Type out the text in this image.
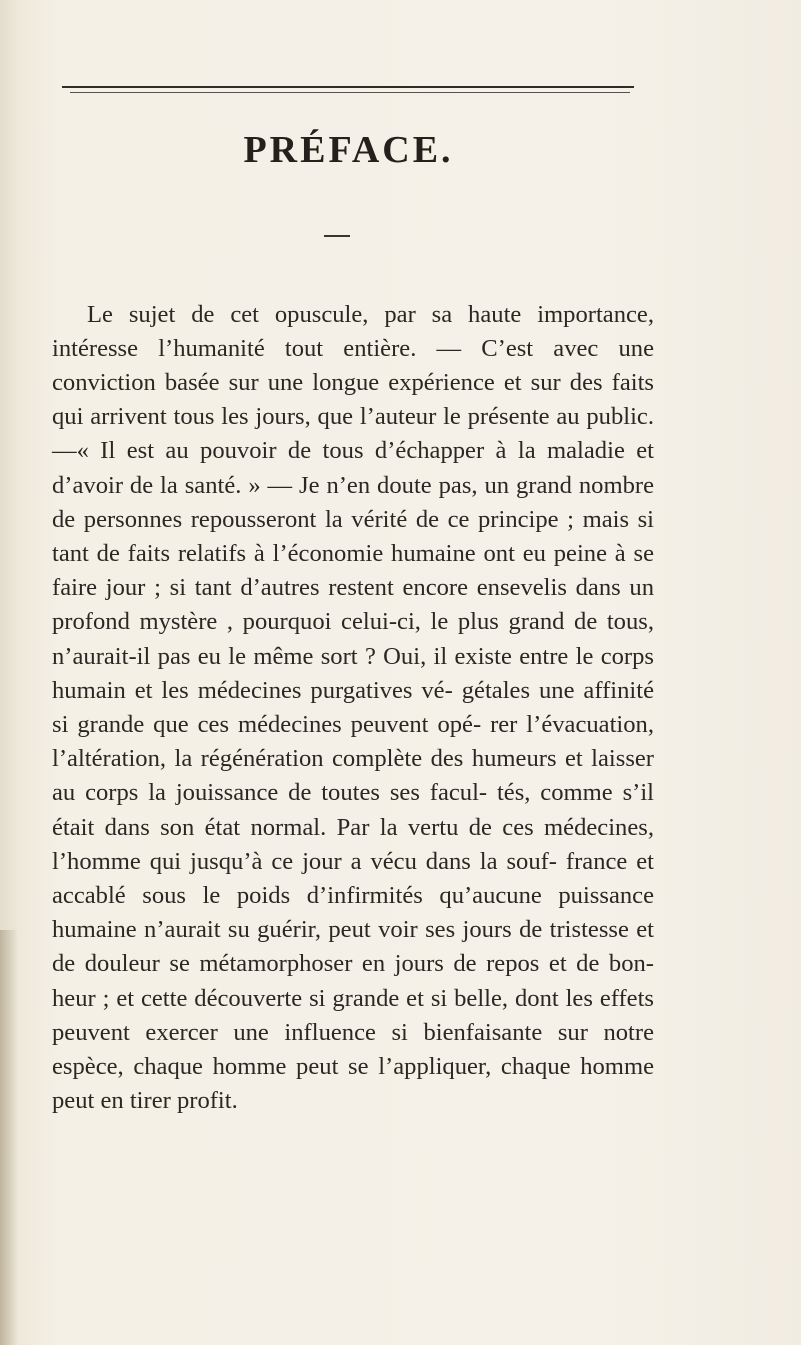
PRÉFACE.

Le sujet de cet opuscule, par sa haute importance, intéresse l’humanité tout entière. — C’est avec une conviction basée sur une longue expérience et sur des faits qui arrivent tous les jours, que l’auteur le présente au public.—« Il est au pouvoir de tous d’échapper à la maladie et d’avoir de la santé. » — Je n’en doute pas, un grand nombre de personnes repousseront la vérité de ce principe ; mais si tant de faits relatifs à l’économie humaine ont eu peine à se faire jour ; si tant d’autres restent encore ensevelis dans un profond mystère , pourquoi celui-ci, le plus grand de tous, n’aurait-il pas eu le même sort ? Oui, il existe entre le corps humain et les médecines purgatives vé- gétales une affinité si grande que ces médecines peuvent opé- rer l’évacuation, l’altération, la régénération complète des humeurs et laisser au corps la jouissance de toutes ses facul- tés, comme s’il était dans son état normal. Par la vertu de ces médecines, l’homme qui jusqu’à ce jour a vécu dans la souf- france et accablé sous le poids d’infirmités qu’aucune puissance humaine n’aurait su guérir, peut voir ses jours de tristesse et de douleur se métamorphoser en jours de repos et de bon- heur ; et cette découverte si grande et si belle, dont les effets peuvent exercer une influence si bienfaisante sur notre espèce, chaque homme peut se l’appliquer, chaque homme peut en tirer profit.
